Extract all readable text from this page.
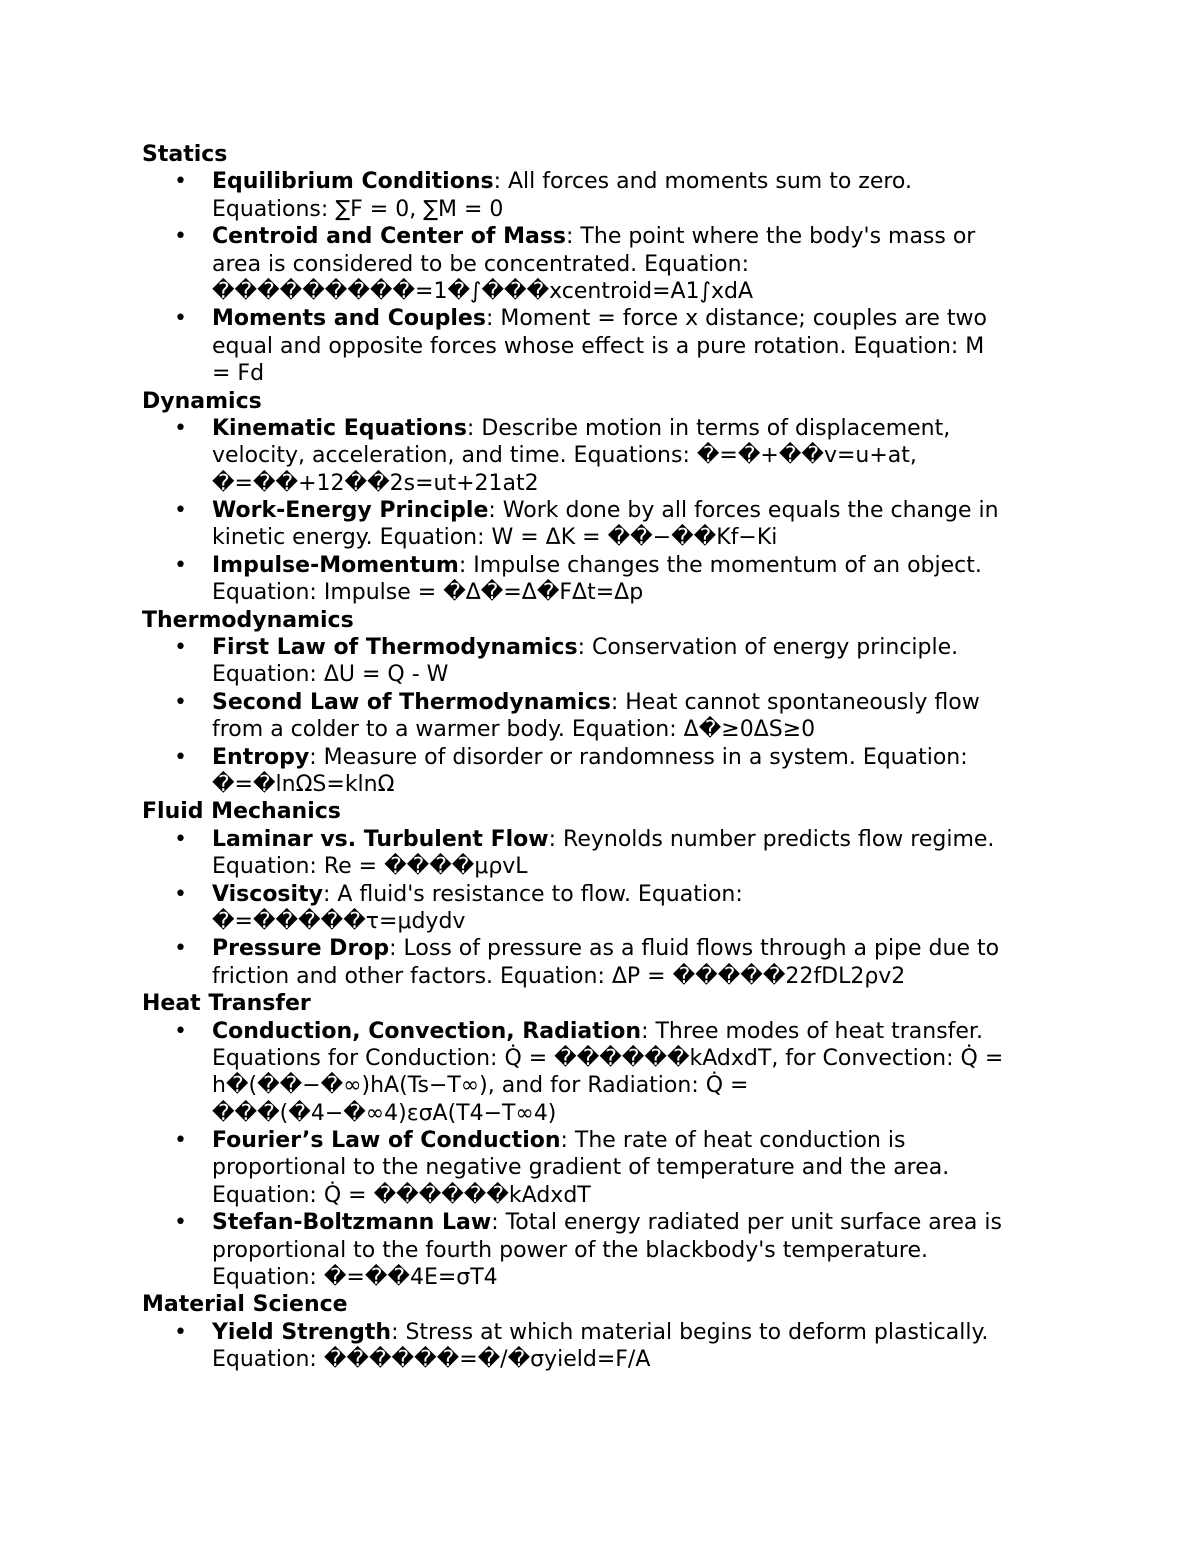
Statics
• Equilibrium Conditions: All forces and moments sum to zero.
Equations: ∑F = 0, ∑M = 0
• Centroid and Center of Mass: The point where the body's mass or
area is considered to be concentrated. Equation:
���������=1�∫���xcentroid=A1∫xdA
• Moments and Couples: Moment = force x distance; couples are two
equal and opposite forces whose effect is a pure rotation. Equation: M
= Fd
Dynamics
• Kinematic Equations: Describe motion in terms of displacement,
velocity, acceleration, and time. Equations: �=�+��v=u+at,
�=��+12��2s=ut+21at2
• Work-Energy Principle: Work done by all forces equals the change in
kinetic energy. Equation: W = ΔK = ��−��Kf−Ki
• Impulse-Momentum: Impulse changes the momentum of an object.
Equation: Impulse = �Δ�=Δ�FΔt=Δp
Thermodynamics
• First Law of Thermodynamics: Conservation of energy principle.
Equation: ΔU = Q - W
• Second Law of Thermodynamics: Heat cannot spontaneously flow
from a colder to a warmer body. Equation: Δ�≥0ΔS≥0
• Entropy: Measure of disorder or randomness in a system. Equation:
�=�lnΩS=klnΩ
Fluid Mechanics
• Laminar vs. Turbulent Flow: Reynolds number predicts flow regime.
Equation: Re = ����μρvL
• Viscosity: A fluid's resistance to flow. Equation:
�=�����τ=μdydv
• Pressure Drop: Loss of pressure as a fluid flows through a pipe due to
friction and other factors. Equation: ΔP = �����22fDL2ρv2
Heat Transfer
• Conduction, Convection, Radiation: Three modes of heat transfer.
Equations for Conduction: Q̇ = ������kAdxdT, for Convection: Q̇ =
h�(��−�∞)hA(Ts−T∞), and for Radiation: Q̇ =
���(�4−�∞4)εσA(T4−T∞4)
• Fourier’s Law of Conduction: The rate of heat conduction is
proportional to the negative gradient of temperature and the area.
Equation: Q̇ = ������kAdxdT
• Stefan-Boltzmann Law: Total energy radiated per unit surface area is
proportional to the fourth power of the blackbody's temperature.
Equation: �=��4E=σT4
Material Science
• Yield Strength: Stress at which material begins to deform plastically.
Equation: ������=�/�σyield=F/A
